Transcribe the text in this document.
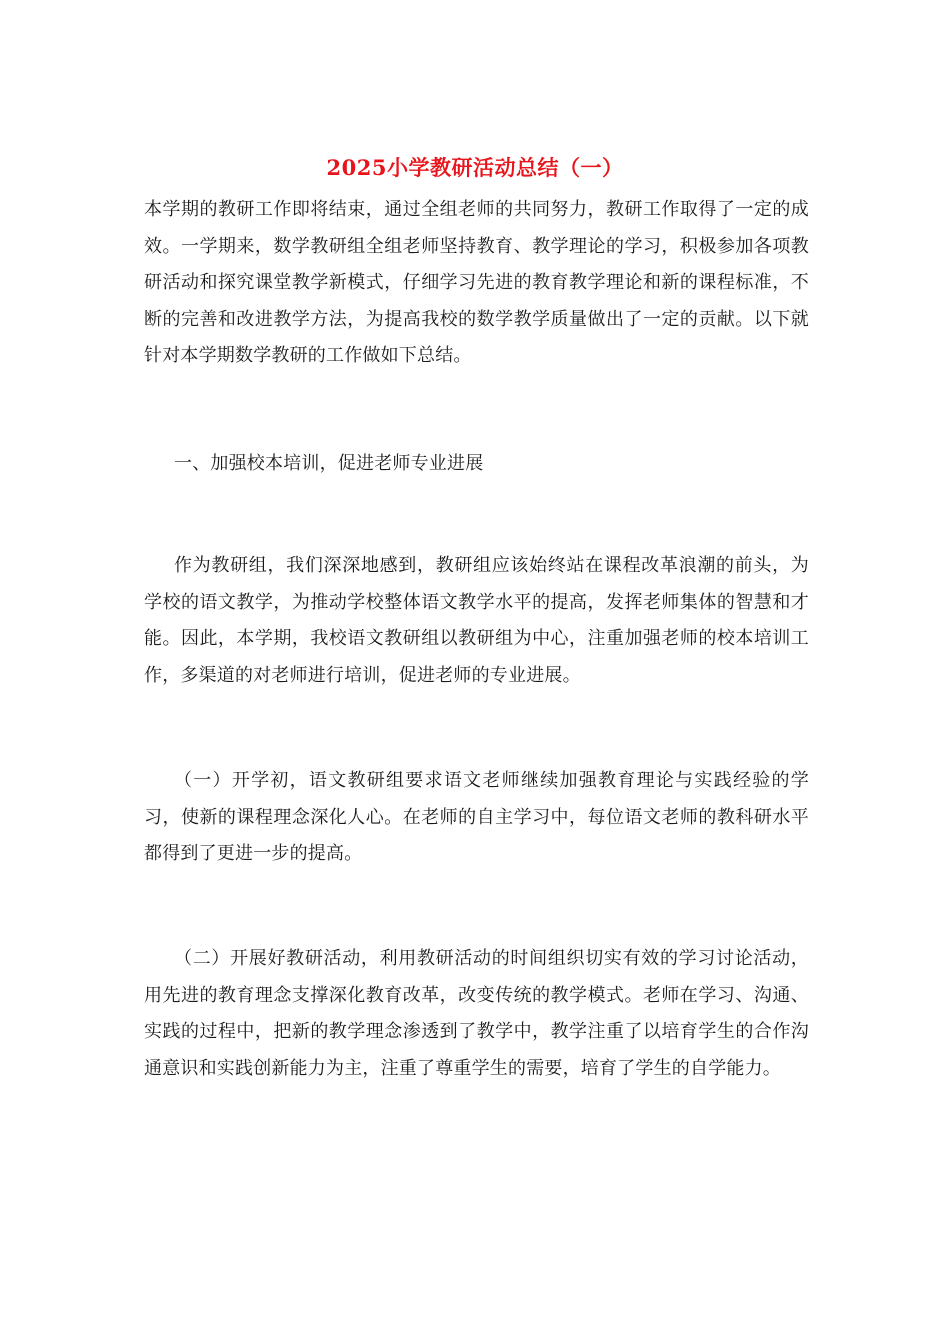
2025小学教研活动总结（一）

本学期的教研工作即将结束，通过全组老师的共同努力，教研工作取得了一定的成效。一学期来，数学教研组全组老师坚持教育、教学理论的学习，积极参加各项教研活动和探究课堂教学新模式，仔细学习先进的教育教学理论和新的课程标准，不断的完善和改进教学方法，为提高我校的数学教学质量做出了一定的贡献。以下就针对本学期数学教研的工作做如下总结。

一、加强校本培训，促进老师专业进展

作为教研组，我们深深地感到，教研组应该始终站在课程改革浪潮的前头，为学校的语文教学，为推动学校整体语文教学水平的提高，发挥老师集体的智慧和才能。因此，本学期，我校语文教研组以教研组为中心，注重加强老师的校本培训工作，多渠道的对老师进行培训，促进老师的专业进展。

（一）开学初，语文教研组要求语文老师继续加强教育理论与实践经验的学习，使新的课程理念深化人心。在老师的自主学习中，每位语文老师的教科研水平都得到了更进一步的提高。

（二）开展好教研活动，利用教研活动的时间组织切实有效的学习讨论活动，用先进的教育理念支撑深化教育改革，改变传统的教学模式。老师在学习、沟通、实践的过程中，把新的教学理念渗透到了教学中，教学注重了以培育学生的合作沟通意识和实践创新能力为主，注重了尊重学生的需要，培育了学生的自学能力。
